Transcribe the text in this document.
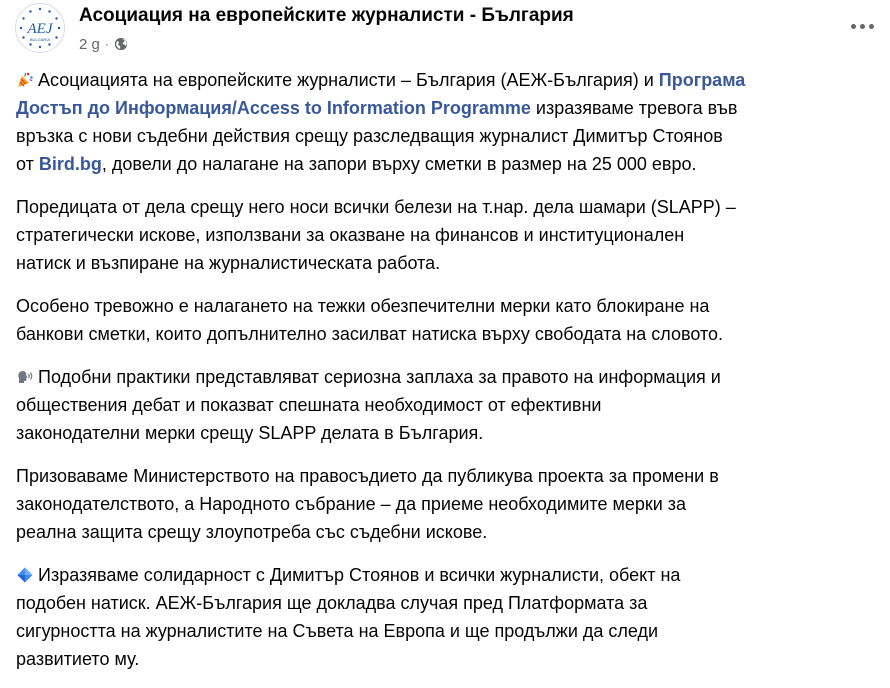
AEJ
BULGARIA
Асоциация на европейските журналисти - България
2 g ·

Асоциацията на европейските журналисти – България (АЕЖ-България) и Програма
Достъп до Информация/Access to Information Programme изразяваме тревога във
връзка с нови съдебни действия срещу разследващия журналист Димитър Стоянов
от Bird.bg, довели до налагане на запори върху сметки в размер на 25 000 евро.

Поредицата от дела срещу него носи всички белези на т.нар. дела шамари (SLAPP) –
стратегически искове, използвани за оказване на финансов и институционален
натиск и възпиране на журналистическата работа.

Особено тревожно е налагането на тежки обезпечителни мерки като блокиране на
банкови сметки, които допълнително засилват натиска върху свободата на словото.

Подобни практики представляват сериозна заплаха за правото на информация и
обществения дебат и показват спешната необходимост от ефективни
законодателни мерки срещу SLAPP делата в България.

Призоваваме Министерството на правосъдието да публикува проекта за промени в
законодателството, а Народното събрание – да приеме необходимите мерки за
реална защита срещу злоупотреба със съдебни искове.

Изразяваме солидарност с Димитър Стоянов и всички журналисти, обект на
подобен натиск. АЕЖ-България ще докладва случая пред Платформата за
сигурността на журналистите на Съвета на Европа и ще продължи да следи
развитието му.
